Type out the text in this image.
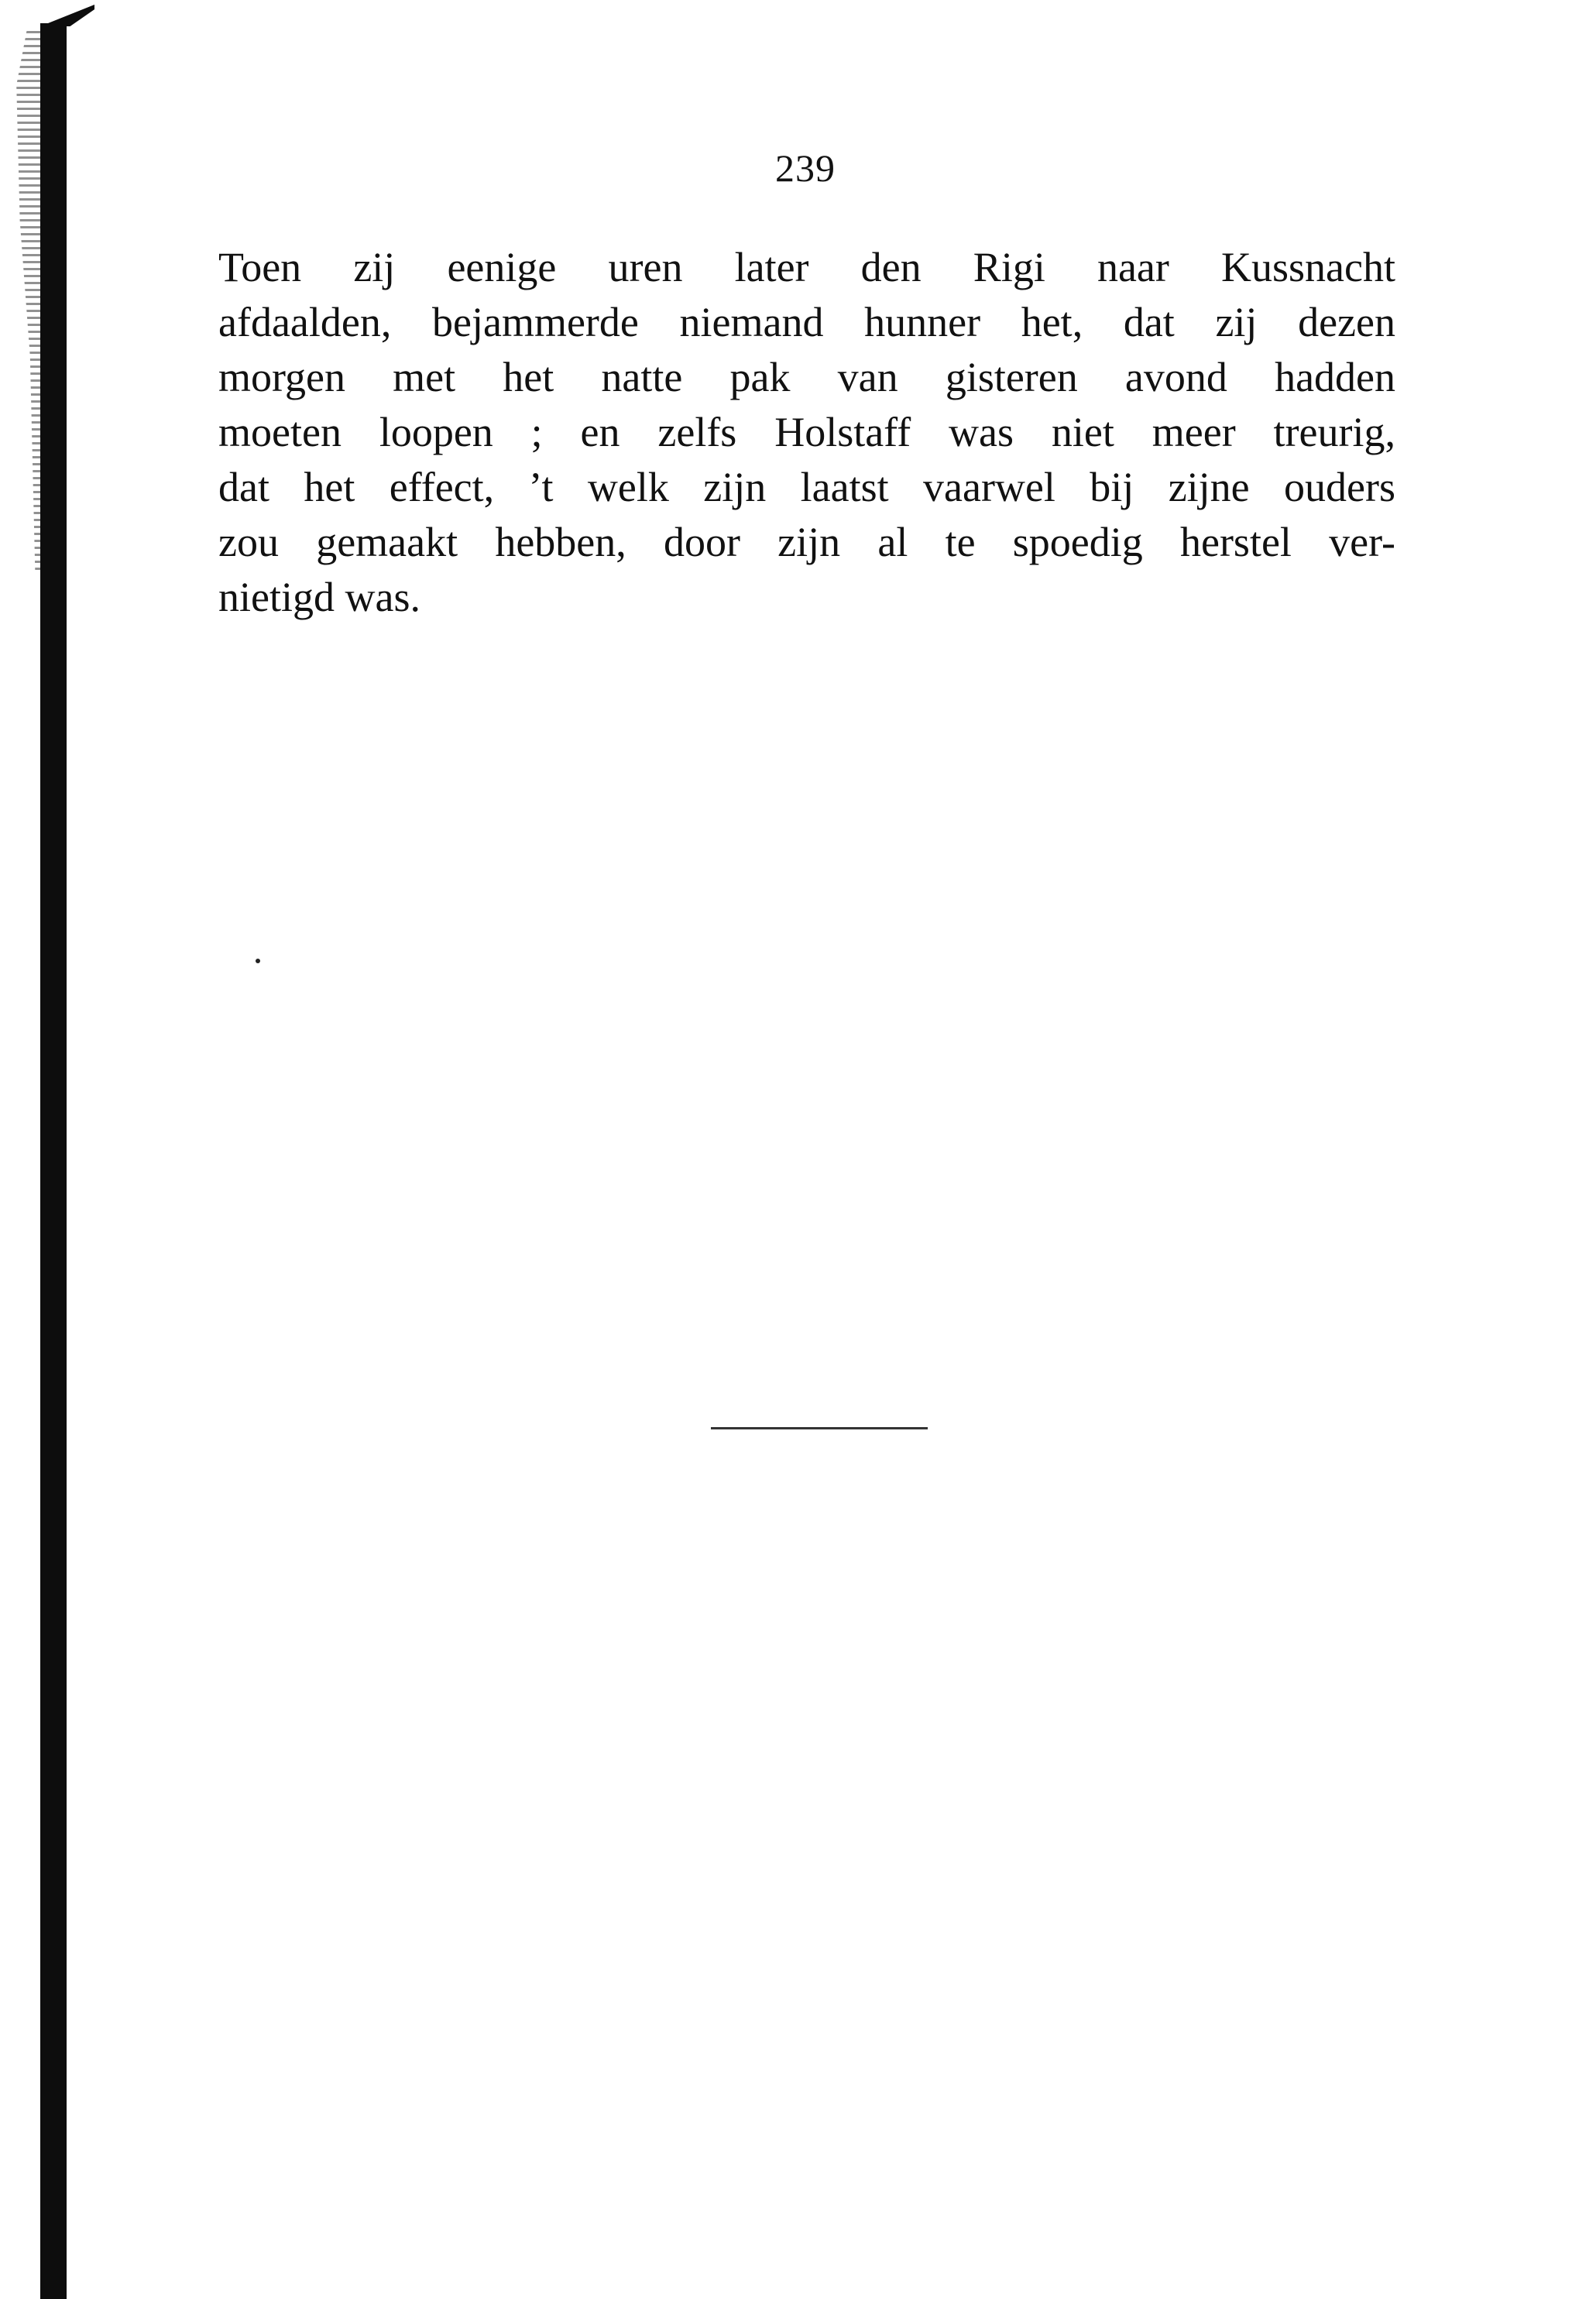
239
Toen zij eenige uren later den Rigi naar Kussnacht
afdaalden, bejammerde niemand hunner het, dat zij dezen
morgen met het natte pak van gisteren avond hadden
moeten loopen ; en zelfs Holstaff was niet meer treurig,
dat het effect, ’t welk zijn laatst vaarwel bij zijne ouders
zou gemaakt hebben, door zijn al te spoedig herstel ver-
nietigd was.
